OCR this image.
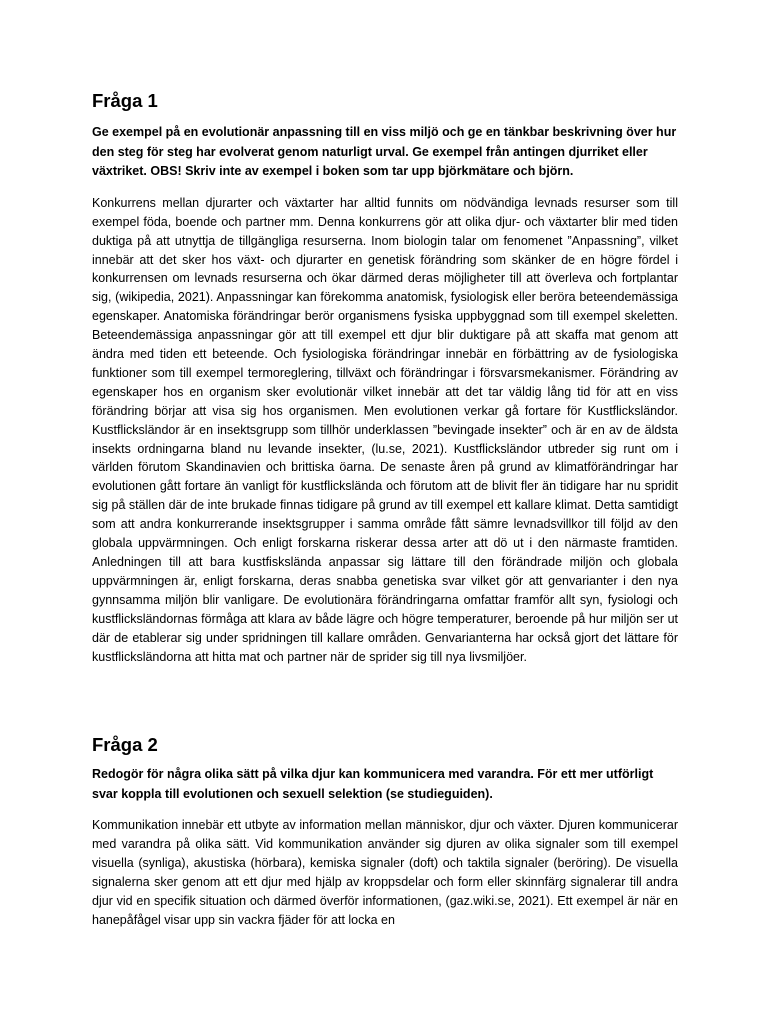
Fråga 1

Ge exempel på en evolutionär anpassning till en viss miljö och ge en tänkbar beskrivning över hur den steg för steg har evolverat genom naturligt urval. Ge exempel från antingen djurriket eller växtriket. OBS! Skriv inte av exempel i boken som tar upp björkmätare och björn.

Konkurrens mellan djurarter och växtarter har alltid funnits om nödvändiga levnads resurser som till exempel föda, boende och partner mm. Denna konkurrens gör att olika djur- och växtarter blir med tiden duktiga på att utnyttja de tillgängliga resurserna. Inom biologin talar om fenomenet ”Anpassning”, vilket innebär att det sker hos växt- och djurarter en genetisk förändring som skänker de en högre fördel i konkurrensen om levnads resurserna och ökar därmed deras möjligheter till att överleva och fortplantar sig, (wikipedia, 2021). Anpassningar kan förekomma anatomisk, fysiologisk eller beröra beteendemässiga egenskaper. Anatomiska förändringar berör organismens fysiska uppbyggnad som till exempel skeletten. Beteendemässiga anpassningar gör att till exempel ett djur blir duktigare på att skaffa mat genom att ändra med tiden ett beteende. Och fysiologiska förändringar innebär en förbättring av de fysiologiska funktioner som till exempel termoreglering, tillväxt och förändringar i försvarsmekanismer. Förändring av egenskaper hos en organism sker evolutionär vilket innebär att det tar väldig lång tid för att en viss förändring börjar att visa sig hos organismen. Men evolutionen verkar gå fortare för Kustflicksländor. Kustflicksländor är en insektsgrupp som tillhör underklassen ”bevingade insekter” och är en av de äldsta insekts ordningarna bland nu levande insekter, (lu.se, 2021). Kustflicksländor utbreder sig runt om i världen förutom Skandinavien och brittiska öarna. De senaste åren på grund av klimatförändringar har evolutionen gått fortare än vanligt för kustflickslända och förutom att de blivit fler än tidigare har nu spridit sig på ställen där de inte brukade finnas tidigare på grund av till exempel ett kallare klimat. Detta samtidigt som att andra konkurrerande insektsgrupper i samma område fått sämre levnadsvillkor till följd av den globala uppvärmningen. Och enligt forskarna riskerar dessa arter att dö ut i den närmaste framtiden. Anledningen till att bara kustfiskslända anpassar sig lättare till den förändrade miljön och globala uppvärmningen är, enligt forskarna, deras snabba genetiska svar vilket gör att genvarianter i den nya gynnsamma miljön blir vanligare. De evolutionära förändringarna omfattar framför allt syn, fysiologi och kustflicksländornas förmåga att klara av både lägre och högre temperaturer, beroende på hur miljön ser ut där de etablerar sig under spridningen till kallare områden. Genvarianterna har också gjort det lättare för kustflicksländorna att hitta mat och partner när de sprider sig till nya livsmiljöer.

Fråga 2

Redogör för några olika sätt på vilka djur kan kommunicera med varandra. För ett mer utförligt svar koppla till evolutionen och sexuell selektion (se studieguiden).

Kommunikation innebär ett utbyte av information mellan människor, djur och växter. Djuren kommunicerar med varandra på olika sätt. Vid kommunikation använder sig djuren av olika signaler som till exempel visuella (synliga), akustiska (hörbara), kemiska signaler (doft) och taktila signaler (beröring). De visuella signalerna sker genom att ett djur med hjälp av kroppsdelar och form eller skinnfärg signalerar till andra djur vid en specifik situation och därmed överför informationen, (gaz.wiki.se, 2021). Ett exempel är när en hanepåfågel visar upp sin vackra fjäder för att locka en
